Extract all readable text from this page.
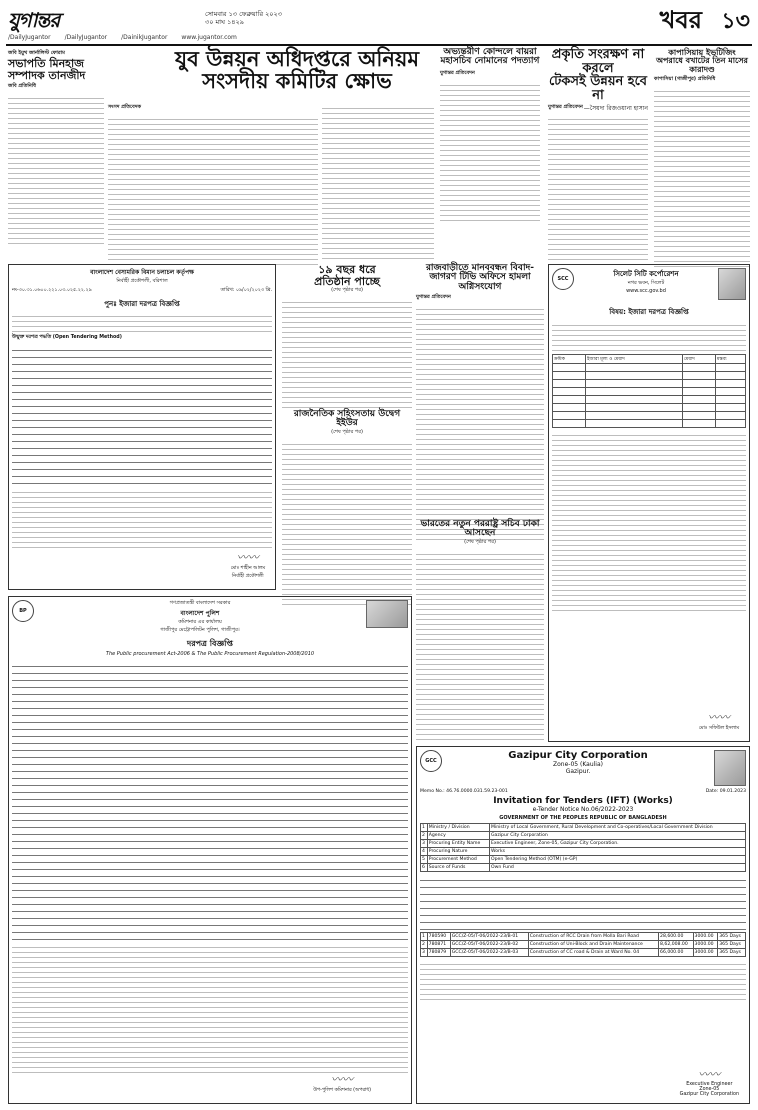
যুগান্তর	সোমবার ১৩ ফেব্রুয়ারি ২০২৩
৩০ মাঘ ১৪২৯	খবর ১৩
/DailyJugantor /DailyJugantor /DainikJugantor www.jugantor.com
জবি ইয়ুথ জার্নালিস্ট ফোরাম
সভাপতি মিনহাজ
সম্পাদক তানজীদ
জবি প্রতিনিধি
যুব উন্নয়ন অধিদপ্তরে অনিয়ম
সংসদীয় কমিটির ক্ষোভ
সংসদ প্রতিবেদক
অভ্যন্তরীণ কোন্দলে বায়রা মহাসচিব নোমানের পদত্যাগ
যুগান্তর প্রতিবেদন
প্রকৃতি সংরক্ষণ না করলে
টেকসই উন্নয়ন হবে না
—সৈয়দা রিজওয়ানা হাসান
যুগান্তর প্রতিবেদন
কাপাসিয়ায় ইভটিজিং অপরাধে বখাটের তিন মাসের কারাদণ্ড
কাপাসিয়া (গাজীপুর) প্রতিনিধি
বাংলাদেশ বেসামরিক বিমান চলাচল কর্তৃপক্ষ
নির্বাহী প্রকৌশলী, বরিশাল
নং-৩০.৩১.০৬০০.২২১.০৩.০২৫.২২.২৯	তারিখ: ০৯/০২/২০২৩ খ্রি.
পুনঃ ইজারা দরপত্র বিজ্ঞপ্তি
উন্মুক্ত দরপত্র পদ্ধতি (Open Tendering Method)
〰〰
মোঃ শাহীন আলম
নির্বাহী প্রকৌশলী
১৯ বছর ধরে
প্রতিষ্ঠান পাচ্ছে
(শেষ পৃষ্ঠার পর)
রাজনৈতিক সহিংসতায় উদ্বেগ ইইউর
(শেষ পৃষ্ঠার পর)
রাজবাড়ীতে মানববন্ধন বিবাদ-জাগরণ টিভি অফিসে হামলা অগ্নিসংযোগ
যুগান্তর প্রতিবেদন
SCC
সিলেট সিটি কর্পোরেশন
নগর ভবন, সিলেট
www.scc.gov.bd
বিষয়: ইজারা দরপত্র বিজ্ঞপ্তি
ক্রমিক	ইজারা মূল্য ও মেয়াদ	মেয়াদ	মন্তব্য

〰〰
মোঃ সফিউল ইসলাম
ভারতের নতুন পররাষ্ট্র সচিব ঢাকা আসছেন
(শেষ পৃষ্ঠার পর)
BP
গণপ্রজাতন্ত্রী বাংলাদেশ সরকার
বাংলাদেশ পুলিশ
কমিশনার এর কার্যালয়
গাজীপুর মেট্রোপলিটন পুলিশ, গাজীপুর।
দরপত্র বিজ্ঞপ্তি
The Public procurement Act-2006 & The Public Procurement Regulation-2008/2010
〰〰
উপ-পুলিশ কমিশনার (অপরাধ)
GCC	Gazipur City Corporation
Zone-05 (Kaulia)
Gazipur.
Memo No.: 46.76.0000.031.59.23-001	Date: 09.01.2023
Invitation for Tenders (IFT) (Works)
e-Tender Notice No.06/2022-2023
GOVERNMENT OF THE PEOPLES REPUBLIC OF BANGLADESH
1	Ministry / Division	Ministry of Local Government, Rural Development and Co-operatives/Local Government Division
2	Agency	Gazipur City Corporation
3	Procuring Entity Name	Executive Engineer, Zone-05, Gazipur City Corporation.
4	Procuring Nature	Works
5	Procurement Method	Open Tendering Method (OTM) (e-GP)
6	Source of Funds	Own Fund
1	780590	GCC/Z-05/T-06/2022-23/B-01	Construction of RCC Drain from Molla Bari Road	28,600.00	3000.00	365 Days
2	780871	GCC/Z-05/T-06/2022-23/B-02	Construction of Uni-Block and Drain Maintenance	8,62,008.00	3000.00	365 Days
3	780879	GCC/Z-05/T-06/2022-23/B-03	Construction of CC road & Drain at Ward No. 04	66,000.00	3000.00	365 Days
〰〰
Executive Engineer
Zone-05
Gazipur City Corporation
